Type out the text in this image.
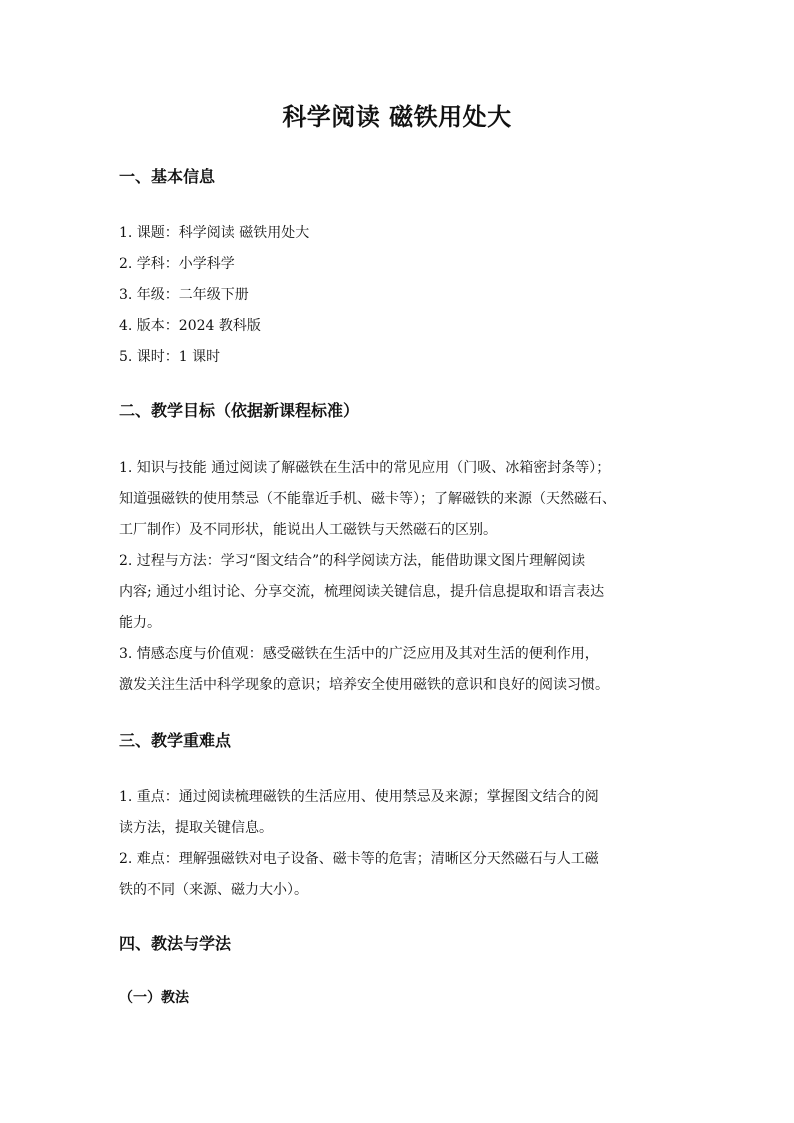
科学阅读 磁铁用处大
一、基本信息
1. 课题：科学阅读 磁铁用处大
2. 学科：小学科学
3. 年级：二年级下册
4. 版本：2024 教科版
5. 课时：1 课时
二、教学目标（依据新课程标准）
1. 知识与技能 通过阅读了解磁铁在生活中的常见应用（门吸、冰箱密封条等）；
知道强磁铁的使用禁忌（不能靠近手机、磁卡等）；了解磁铁的来源（天然磁石、
工厂制作）及不同形状，能说出人工磁铁与天然磁石的区别。
2. 过程与方法：学习“图文结合”的科学阅读方法，能借助课文图片理解阅读
内容; 通过小组讨论、分享交流，梳理阅读关键信息，提升信息提取和语言表达
能力。
3. 情感态度与价值观：感受磁铁在生活中的广泛应用及其对生活的便利作用，
激发关注生活中科学现象的意识；培养安全使用磁铁的意识和良好的阅读习惯。
三、教学重难点
1. 重点：通过阅读梳理磁铁的生活应用、使用禁忌及来源；掌握图文结合的阅
读方法，提取关键信息。
2. 难点：理解强磁铁对电子设备、磁卡等的危害；清晰区分天然磁石与人工磁
铁的不同（来源、磁力大小）。
四、教法与学法
（一）教法
